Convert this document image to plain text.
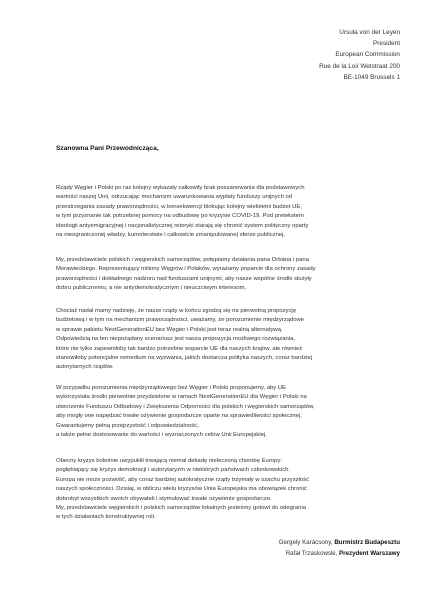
Ursula von der Leyen
President
European Commission
Rue de la Loi/ Wetstraat 200
BE-1049 Brussels 1
Szanowna Pani Przewodnicząca,
Rządy Węgier i Polski po raz kolejny wykazały całkowity brak poszanowania dla podstawowych
wartości naszej Unii, odrzucając mechanizm uwarunkowania wypłaty funduszy unijnych od
przestrzegania zasady praworządności, w konsekwencji blokując kolejny wieloletni budżet UE,
w tym przyznanie tak potrzebnej pomocy na odbudowę po kryzysie COVID-19. Pod pretekstem
ideologii antyemigracyjnej i nacjonalistycznej retoryki starają się chronić system polityczny oparty
na nieograniczonej władzy, kumoterstwie i całkowicie zmanipulowanej sferze publicznej.
My, przedstawiciele polskich i węgierskich samorządów, potępiamy działania pana Orbána i pana
Morawieckiego. Reprezentujący miliony Węgrów i Polaków, wyrażamy poparcie dla ochrony zasady
praworządności i dokładnego nadzoru nad funduszami unijnymi, aby nasze wspólne środki służyły
dobru publicznemu, a nie antydemokratycznym i nieuczciwym interesom.
Chociaż nadal mamy nadzieję, że nasze rządy w końcu zgodzą się na pierwotną propozycję
budżetową i w tym na mechanizm praworządności, uważamy, że porozumienie międzyrządowe
w sprawie pakietu NextGenerationEU bez Węgier i Polski jest teraz realną alternatywą.
Odpowiedzią na ten niepożądany scenariusz jest nasza propozycja możliwego rozwiązania,
które nie tylko zapewniłoby tak bardzo potrzebne wsparcie UE dla naszych krajów, ale również
stanowiłoby potencjalne remedium na wyzwania, jakich dostarcza polityka naszych, coraz bardziej
autorytarnych rządów.
W przypadku porozumienia międzyrządowego bez Węgier i Polski proponujemy, aby UE
wykorzystała środki pierwotnie przydzielone w ramach NextGenerationEU dla Węgier i Polski na
utworzenie Funduszu Odbudowy i Zwiększenia Odporności dla polskich i węgierskich samorządów,
aby mogły one napędzać trwałe ożywienie gospodarcze oparte na sprawiedliwości społecznej.
Gwarantujemy pełną przejrzystość i odpowiedzialność,
a także pełne dostosowanie do wartości i wyznaczonych celów Unii Europejskiej.
Obecny kryzys boleśnie uwypuklił trwającą niemal dekadę nieleczoną chorobę Europy:
pogłębiający się kryzys demokracji i autorytaryzm w niektórych państwach członkowskich.
Europa nie może pozwolić, aby coraz bardziej autokratyczne rządy trzymały w szachu przyszłość
naszych społeczności. Dzisiaj, w obliczu wielu kryzysów Unia Europejska ma obowiązek chronić
dobrobyt wszystkich swoich obywateli i stymulować trwałe ożywienie gospodarcze.
My, przedstawiciele węgierskich i polskich samorządów lokalnych jesteśmy gotowi do odegrania
w tych działaniach konstruktywnej roli.
Gergely Karácsony, Burmistrz Budapesztu
Rafał Trzaskowski, Prezydent Warszawy
